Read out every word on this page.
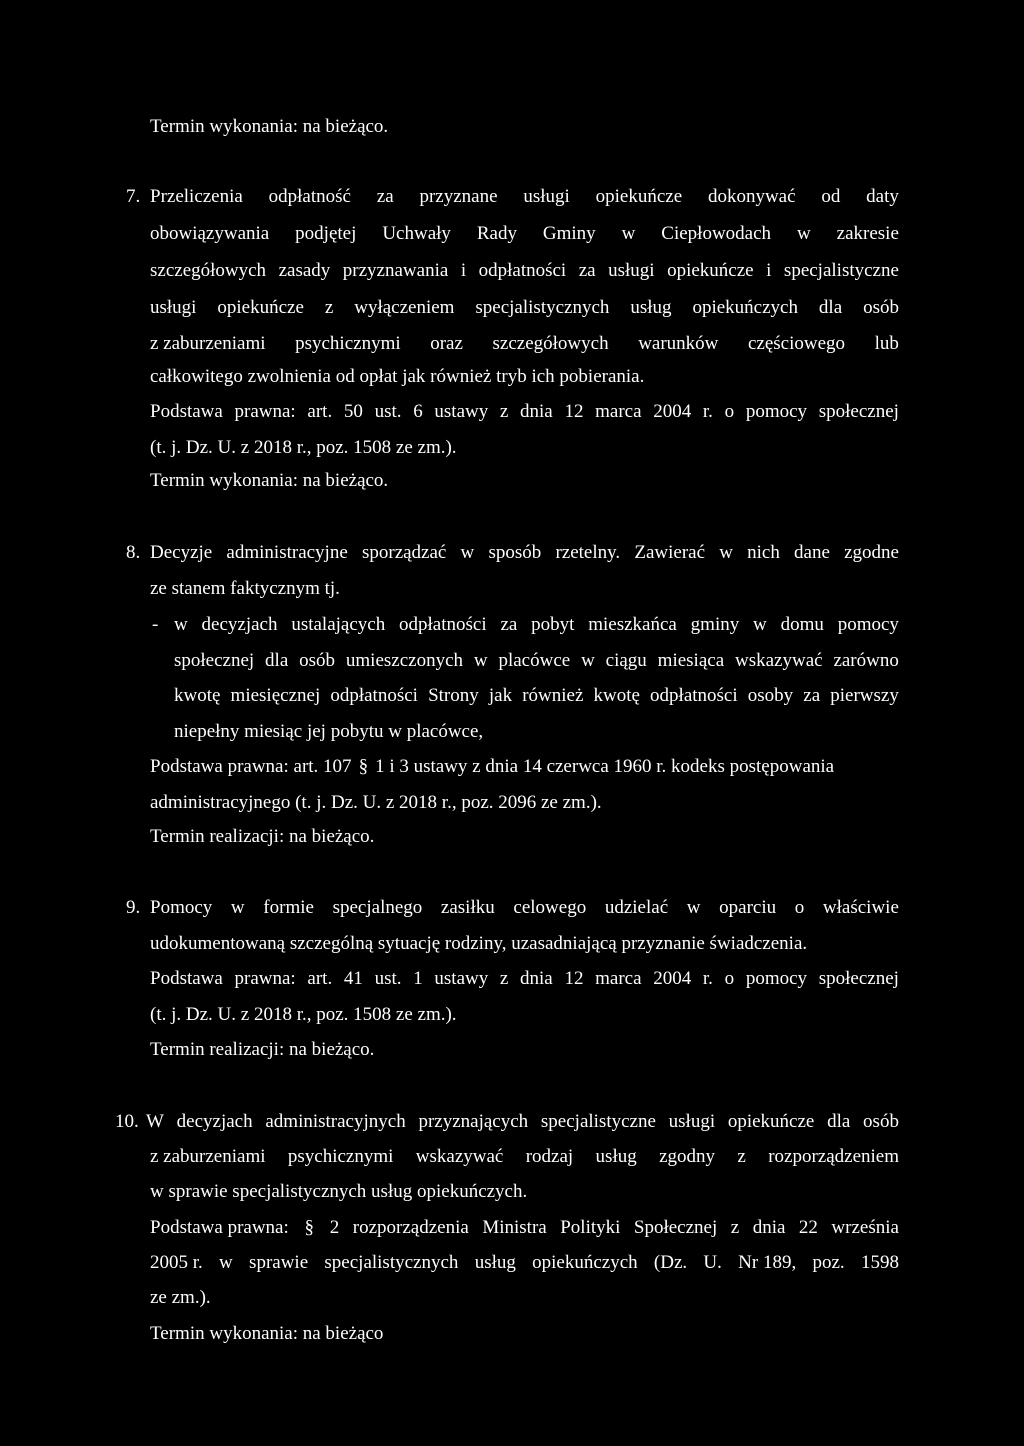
Termin wykonania: na bieżąco.
7. Przeliczenia odpłatność za przyznane usługi opiekuńcze dokonywać od daty
obowiązywania podjętej Uchwały Rady Gminy w Ciepłowodach w zakresie
szczegółowych zasady przyznawania i odpłatności za usługi opiekuńcze i specjalistyczne
usługi opiekuńcze z wyłączeniem specjalistycznych usług opiekuńczych dla osób
z zaburzeniami psychicznymi oraz szczegółowych warunków częściowego lub
całkowitego zwolnienia od opłat jak również tryb ich pobierania.
Podstawa prawna: art. 50 ust. 6 ustawy z dnia 12 marca 2004 r. o pomocy społecznej
(t. j. Dz. U. z 2018 r., poz. 1508 ze zm.).
Termin wykonania: na bieżąco.
8. Decyzje administracyjne sporządzać w sposób rzetelny. Zawierać w nich dane zgodne
ze stanem faktycznym tj.
- w decyzjach ustalających odpłatności za pobyt mieszkańca gminy w domu pomocy
społecznej dla osób umieszczonych w placówce w ciągu miesiąca wskazywać zarówno
kwotę miesięcznej odpłatności Strony jak również kwotę odpłatności osoby za pierwszy
niepełny miesiąc jej pobytu w placówce,
Podstawa prawna: art. 107 § 1 i 3 ustawy z dnia 14 czerwca 1960 r. kodeks postępowania
administracyjnego (t. j. Dz. U. z 2018 r., poz. 2096 ze zm.).
Termin realizacji: na bieżąco.
9. Pomocy w formie specjalnego zasiłku celowego udzielać w oparciu o właściwie
udokumentowaną szczególną sytuację rodziny, uzasadniającą przyznanie świadczenia.
Podstawa prawna: art. 41 ust. 1 ustawy z dnia 12 marca 2004 r. o pomocy społecznej
(t. j. Dz. U. z 2018 r., poz. 1508 ze zm.).
Termin realizacji: na bieżąco.
10. W decyzjach administracyjnych przyznających specjalistyczne usługi opiekuńcze dla osób
z zaburzeniami psychicznymi wskazywać rodzaj usług zgodny z rozporządzeniem
w sprawie specjalistycznych usług opiekuńczych.
Podstawa prawna: § 2 rozporządzenia Ministra Polityki Społecznej z dnia 22 września
2005 r. w sprawie specjalistycznych usług opiekuńczych (Dz. U. Nr 189, poz. 1598
ze zm.).
Termin wykonania: na bieżąco
